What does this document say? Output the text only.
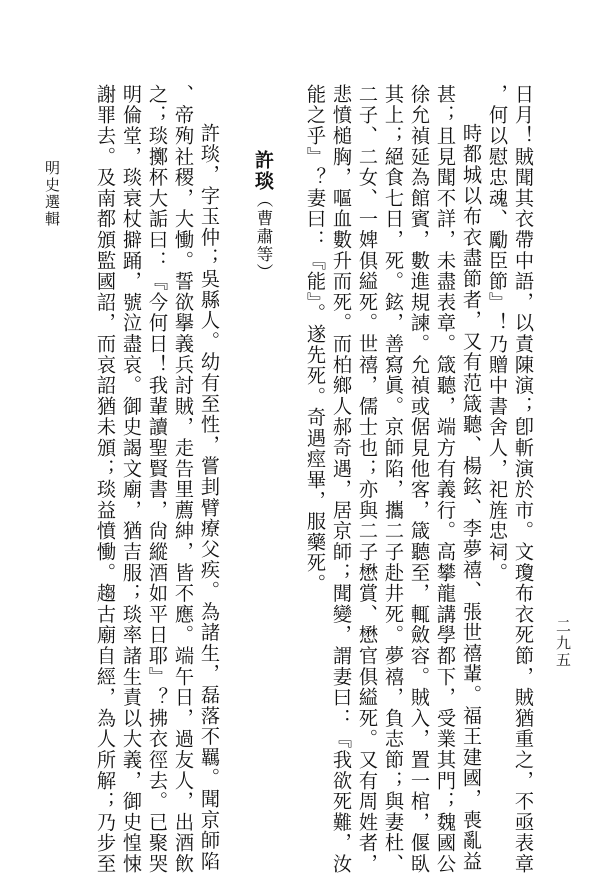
日月！賊聞其衣帶中語，以責陳演；卽斬演於市。文瓊布衣死節，賊猶重之，不亟表章
，何以慰忠魂、勵臣節』！乃贈中書舍人，祀旌忠祠。
時都城以布衣盡節者，又有范箴聽、楊鉉、李夢禧、張世禧輩。福王建國，喪亂益
甚；且見聞不詳，未盡表章。箴聽，端方有義行。高攀龍講學都下，受業其門；魏國公
徐允禎延為館賓，數進規諫。允禎或倨見他客，箴聽至，輒斂容。賊入，置一棺，偃臥
其上；絕食七日，死。鉉，善寫眞。京師陷，攜二子赴井死。夢禧，負志節；與妻杜、
二子、二女、一婢俱縊死。世禧，儒士也；亦與二子懋賞、懋官俱縊死。又有周姓者，
悲憤槌胸，嘔血數升而死。而柏鄉人郝奇遇，居京師；聞變，謂妻曰：『我欲死難，汝
能之乎』？妻曰：『能』。遂先死。奇遇痙畢，服藥死。
許琰（曹肅等）
許琰，字玉仲；吳縣人。幼有至性，嘗刲臂療父疾。為諸生，磊落不羈。聞京師陷
、帝殉社稷，大慟。誓欲擧義兵討賊，走告里薦紳，皆不應。端午日，過友人，出酒飲
之；琰擲杯大詬曰：『今何日！我輩讀聖賢書，尙縱酒如平日耶』？拂衣徑去。已聚哭
明倫堂，琰衰杖擗踊，號泣盡哀。御史謁文廟，猶吉服；琰率諸生責以大義，御史惶悚
謝罪去。及南都頒監國詔，而哀詔猶未頒；琰益憤慟。趨古廟自經，為人所解；乃步至
明史選輯
二九五
